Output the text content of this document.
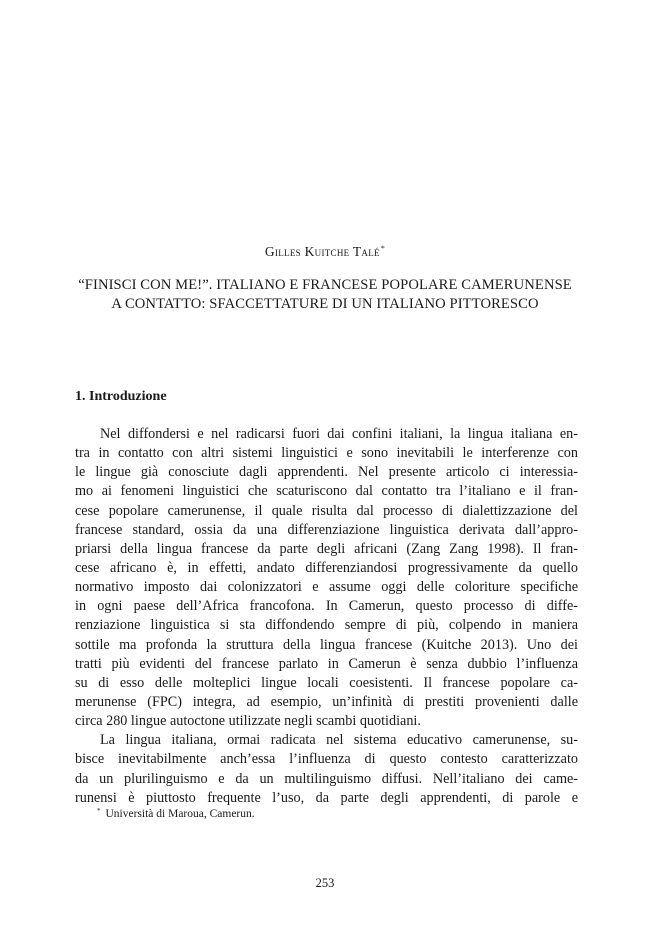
Gilles Kuitche Talé*
“FINISCI CON ME!”. ITALIANO E FRANCESE POPOLARE CAMERUNENSE
A CONTATTO: SFACCETTATURE DI UN ITALIANO PITTORESCO
1. Introduzione
Nel diffondersi e nel radicarsi fuori dai confini italiani, la lingua italiana en-
tra in contatto con altri sistemi linguistici e sono inevitabili le interferenze con
le lingue già conosciute dagli apprendenti. Nel presente articolo ci interessia-
mo ai fenomeni linguistici che scaturiscono dal contatto tra l’italiano e il fran-
cese popolare camerunense, il quale risulta dal processo di dialettizzazione del
francese standard, ossia da una differenziazione linguistica derivata dall’appro-
priarsi della lingua francese da parte degli africani (Zang Zang 1998). Il fran-
cese africano è, in effetti, andato differenziandosi progressivamente da quello
normativo imposto dai colonizzatori e assume oggi delle coloriture specifiche
in ogni paese dell’Africa francofona. In Camerun, questo processo di diffe-
renziazione linguistica si sta diffondendo sempre di più, colpendo in maniera
sottile ma profonda la struttura della lingua francese (Kuitche 2013). Uno dei
tratti più evidenti del francese parlato in Camerun è senza dubbio l’influenza
su di esso delle molteplici lingue locali coesistenti. Il francese popolare ca-
merunense (FPC) integra, ad esempio, un’infinità di prestiti provenienti dalle
circa 280 lingue autoctone utilizzate negli scambi quotidiani.
La lingua italiana, ormai radicata nel sistema educativo camerunense, su-
bisce inevitabilmente anch’essa l’influenza di questo contesto caratterizzato
da un plurilinguismo e da un multilinguismo diffusi. Nell’italiano dei came-
runensi è piuttosto frequente l’uso, da parte degli apprendenti, di parole e
* Università di Maroua, Camerun.
253
